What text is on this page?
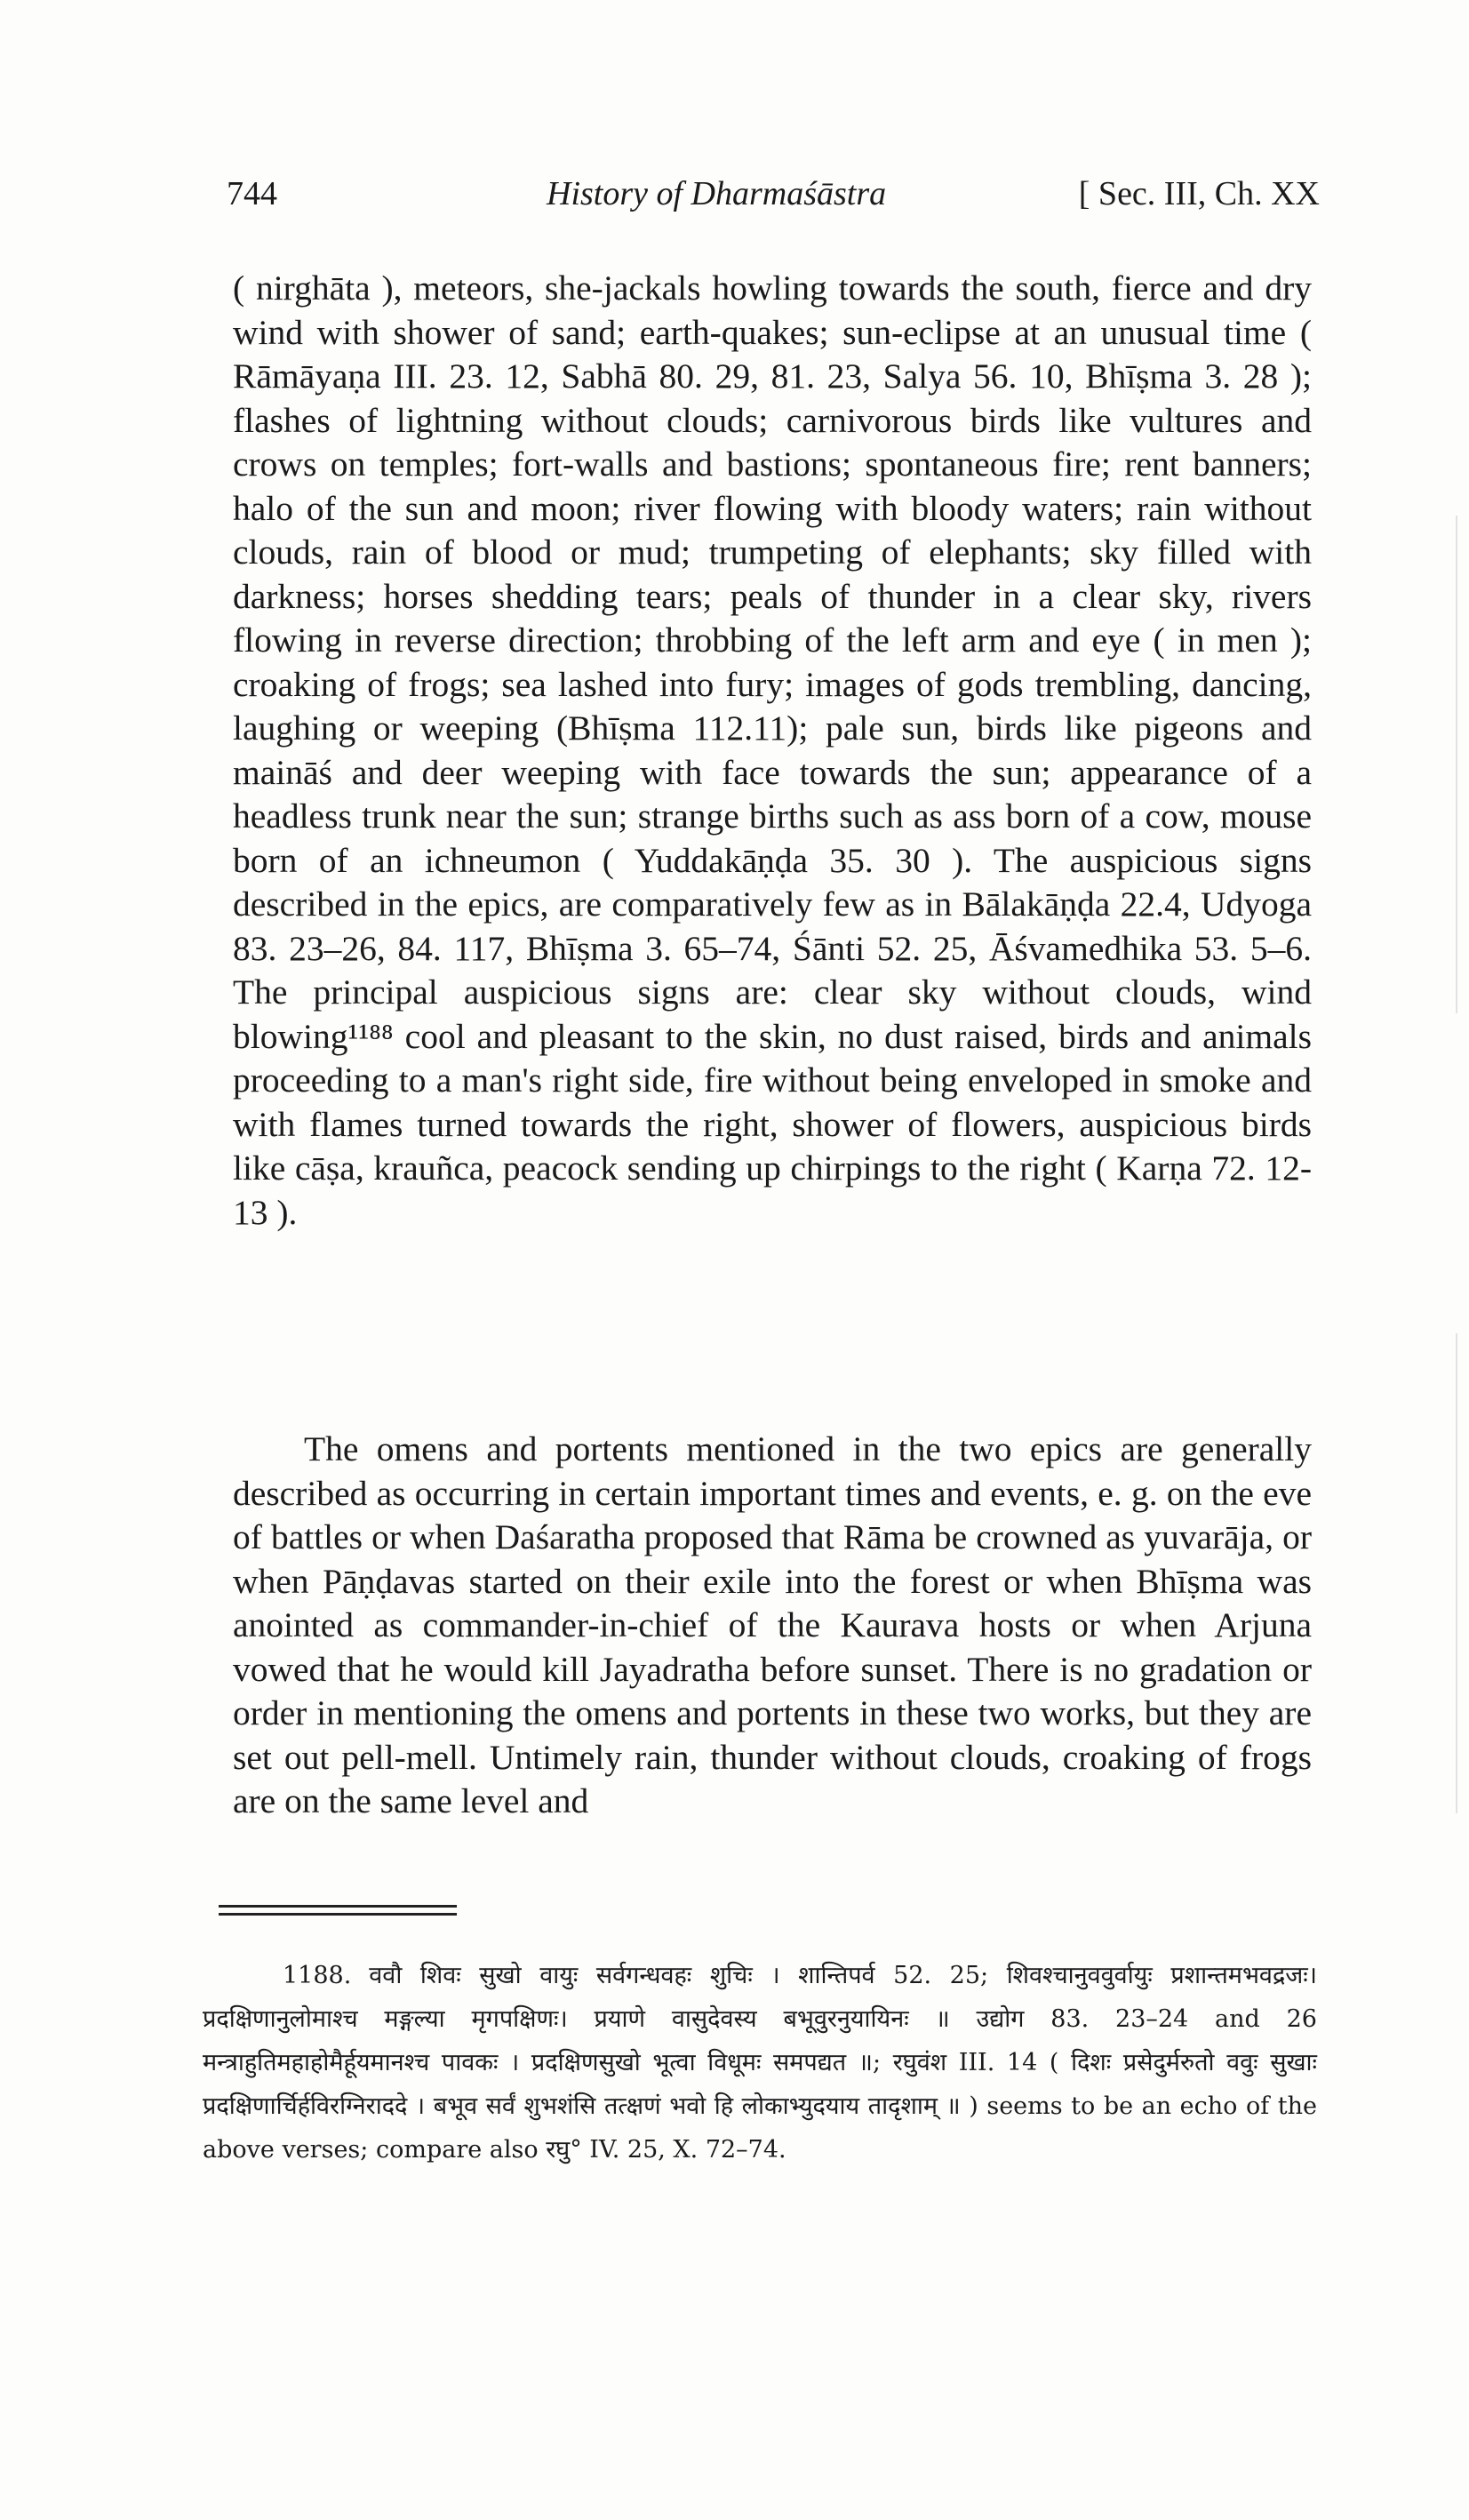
744	History of Dharmaśāstra	[ Sec. III, Ch. XX

( nirghāta ), meteors, she-jackals howling towards the south, fierce and dry wind with shower of sand; earth-quakes; sun-eclipse at an unusual time ( Rāmāyaṇa III. 23. 12, Sabhā 80. 29, 81. 23, Salya 56. 10, Bhīṣma 3. 28 ); flashes of lightning without clouds; carnivorous birds like vultures and crows on temples; fort-walls and bastions; spontaneous fire; rent banners; halo of the sun and moon; river flowing with bloody waters; rain without clouds, rain of blood or mud; trumpeting of elephants; sky filled with darkness; horses shedding tears; peals of thunder in a clear sky, rivers flowing in reverse direction; throbbing of the left arm and eye ( in men ); croaking of frogs; sea lashed into fury; images of gods trembling, dancing, laughing or weeping (Bhīṣma 112.11); pale sun, birds like pigeons and maināś and deer weeping with face towards the sun; appearance of a headless trunk near the sun; strange births such as ass born of a cow, mouse born of an ichneumon ( Yuddakāṇḍa 35. 30 ). The auspicious signs described in the epics, are comparatively few as in Bālakāṇḍa 22.4, Udyoga 83. 23–26, 84. 117, Bhīṣma 3. 65–74, Śānti 52. 25, Āśvamedhika 53. 5–6. The principal auspicious signs are: clear sky without clouds, wind blowing¹¹⁸⁸ cool and pleasant to the skin, no dust raised, birds and animals proceeding to a man's right side, fire without being enveloped in smoke and with flames turned towards the right, shower of flowers, auspicious birds like cāṣa, krauñca, peacock sending up chirpings to the right ( Karṇa 72. 12-13 ).

The omens and portents mentioned in the two epics are generally described as occurring in certain important times and events, e. g. on the eve of battles or when Daśaratha proposed that Rāma be crowned as yuvarāja, or when Pāṇḍavas started on their exile into the forest or when Bhīṣma was anointed as commander-in-chief of the Kaurava hosts or when Arjuna vowed that he would kill Jayadratha before sunset. There is no gradation or order in mentioning the omens and portents in these two works, but they are set out pell-mell. Untimely rain, thunder without clouds, croaking of frogs are on the same level and

1188. ववौ शिवः सुखो वायुः सर्वगन्धवहः शुचिः । शान्तिपर्व 52. 25; शिवश्चानुववुर्वायुः प्रशान्तमभवद्रजः। प्रदक्षिणानुलोमाश्च मङ्गल्या मृगपक्षिणः। प्रयाणे वासुदेवस्य बभूवुरनुयायिनः ॥ उद्योग 83. 23–24 and 26 मन्त्राहुतिमहाहोमैर्हूयमानश्च पावकः । प्रदक्षिणसुखो भूत्वा विधूमः समपद्यत ॥; रघुवंश III. 14 ( दिशः प्रसेदुर्मरुतो ववुः सुखाः प्रदक्षिणार्चिर्हविरग्निराददे । बभूव सर्वं शुभशंसि तत्क्षणं भवो हि लोकाभ्युदयाय तादृशाम् ॥ ) seems to be an echo of the above verses; compare also रघु° IV. 25, X. 72–74.
